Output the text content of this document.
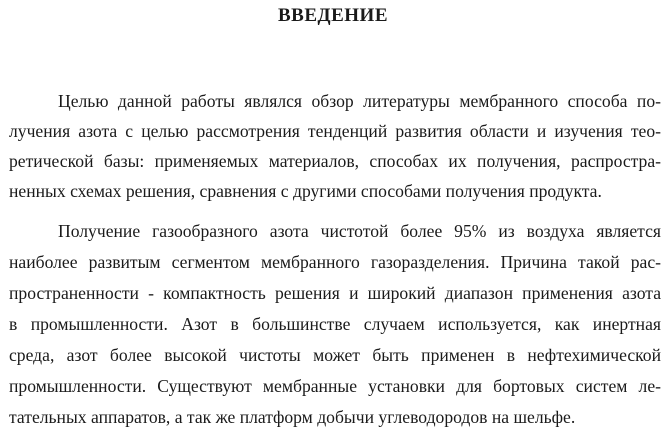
ВВЕДЕНИЕ

Целью данной работы являлся обзор литературы мембранного способа по-

лучения азота с целью рассмотрения тенденций развития области и изучения тео-

ретической базы: применяемых материалов, способах их получения, распростра-

ненных схемах решения, сравнения с другими способами получения продукта.

Получение газообразного азота чистотой более 95% из воздуха является

наиболее развитым сегментом мембранного газоразделения. Причина такой рас-

пространенности - компактность решения и широкий диапазон применения азота

в промышленности. Азот в большинстве случаем используется, как инертная

среда, азот более высокой чистоты может быть применен в нефтехимической

промышленности. Существуют мембранные установки для бортовых систем ле-

тательных аппаратов, а так же платформ добычи углеводородов на шельфе.
